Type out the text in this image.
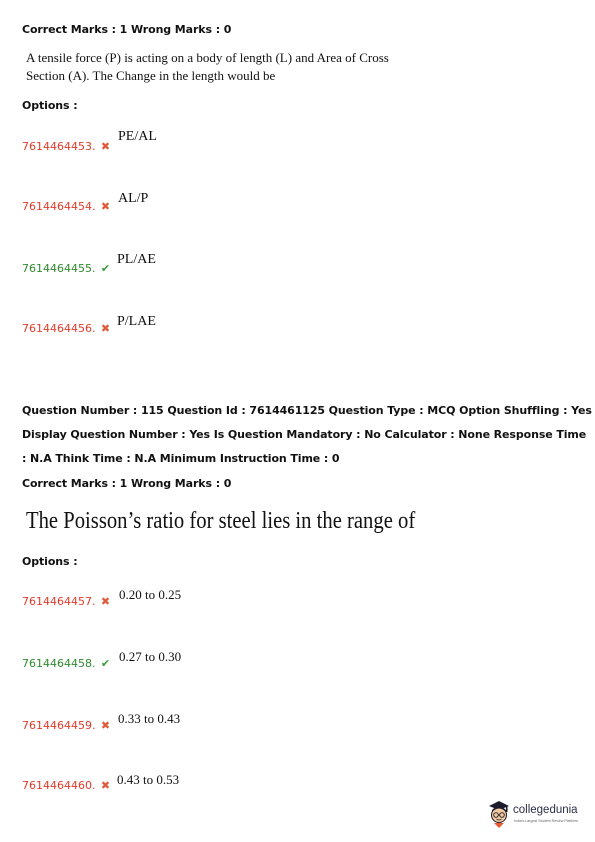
Correct Marks : 1 Wrong Marks : 0
A tensile force (P) is acting on a body of length (L) and Area of Cross
Section (A). The Change in the length would be
Options :
7614464453. ✖
PE/AL
7614464454. ✖ AL/P
7614464455. ✔
PL/AE
7614464456. ✖ P/LAE
Question Number : 115 Question Id : 7614461125 Question Type : MCQ Option Shuffling : Yes
Display Question Number : Yes Is Question Mandatory : No Calculator : None Response Time
: N.A Think Time : N.A Minimum Instruction Time : 0
Correct Marks : 1 Wrong Marks : 0
The Poisson’s ratio for steel lies in the range of
Options :
7614464457. ✖ 0.20 to 0.25
7614464458. ✔ 0.27 to 0.30
7614464459. ✖ 0.33 to 0.43
7614464460. ✖ 0.43 to 0.53
collegedunia
India's Largest Student Review Platform
